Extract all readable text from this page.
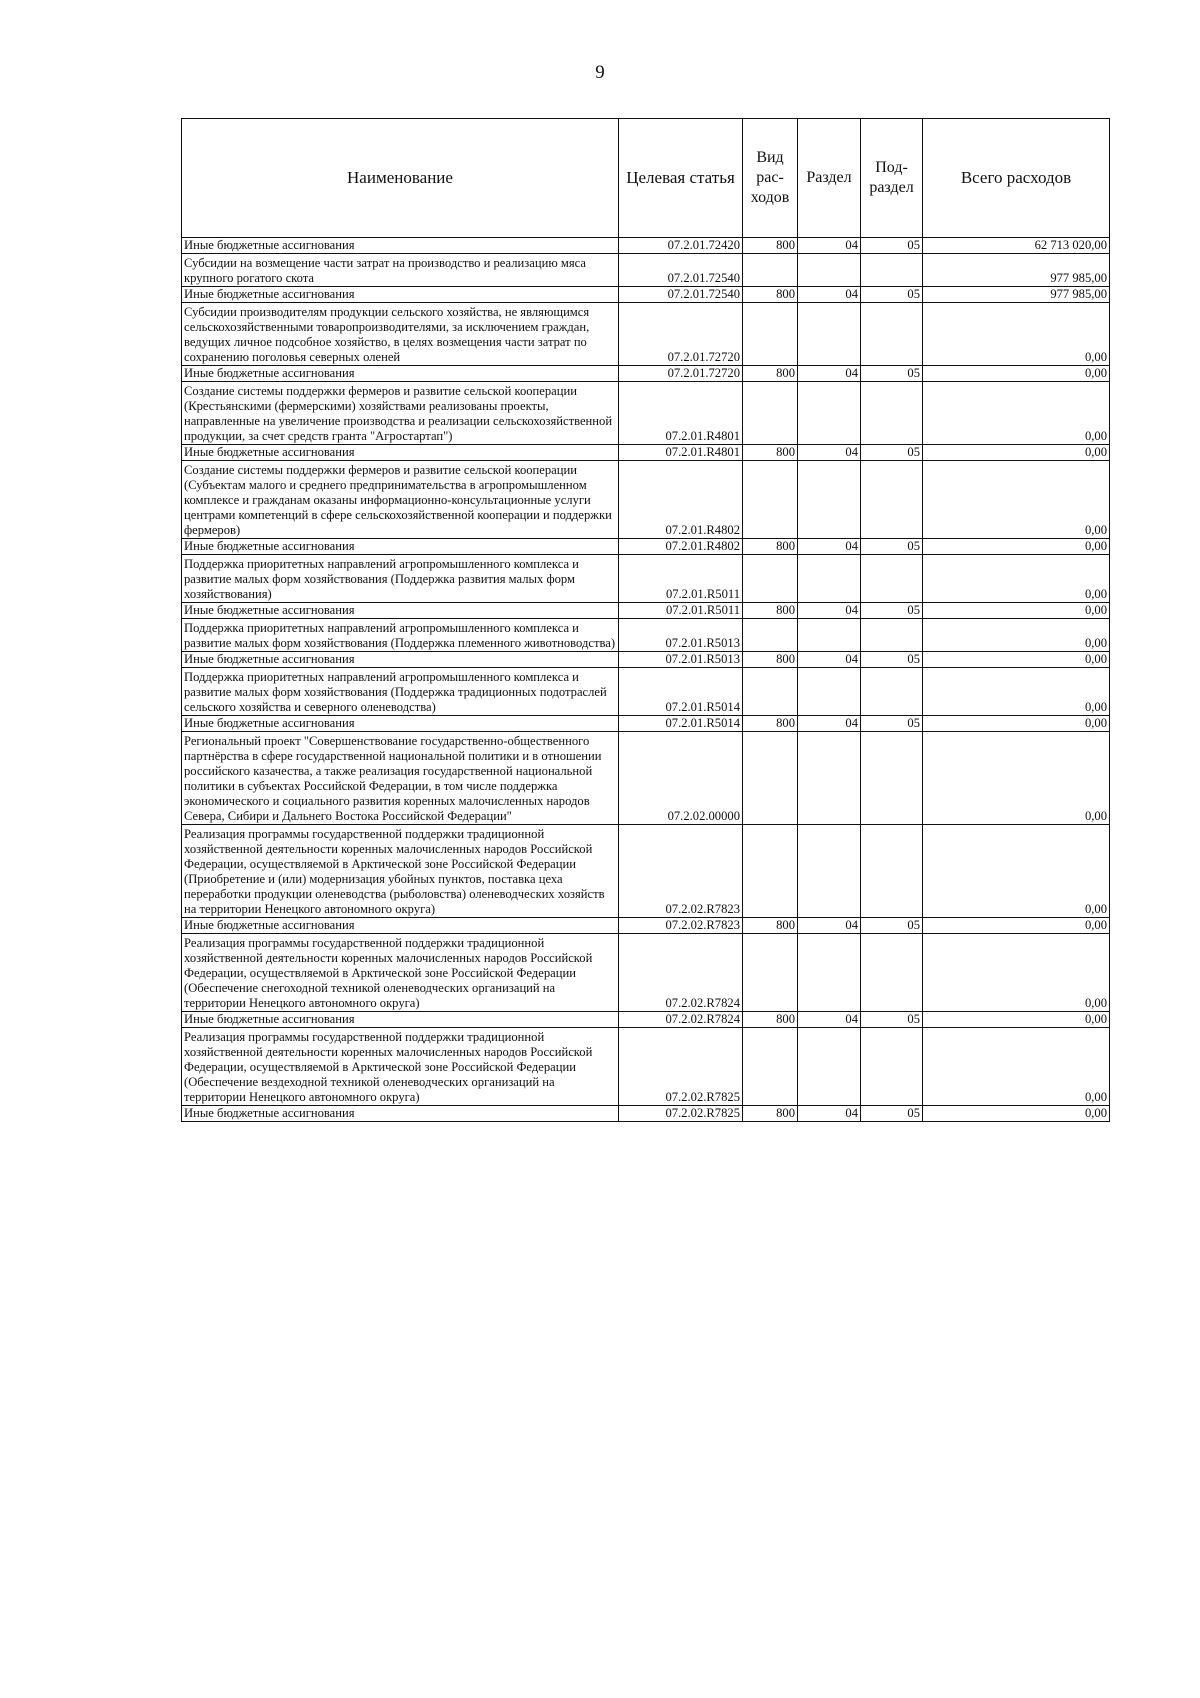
9
Наименование	Целевая статья	Вид рас- ходов	Раздел	Под- раздел	Всего расходов
Иные бюджетные ассигнования	07.2.01.72420	800	04	05	62 713 020,00
Субсидии на возмещение части затрат на производство и реализацию мяса крупного рогатого скота	07.2.01.72540				977 985,00
Иные бюджетные ассигнования	07.2.01.72540	800	04	05	977 985,00
Субсидии производителям продукции сельского хозяйства, не являющимся сельскохозяйственными товаропроизводителями, за исключением граждан, ведущих личное подсобное хозяйство, в целях возмещения части затрат по сохранению поголовья северных оленей	07.2.01.72720				0,00
Иные бюджетные ассигнования	07.2.01.72720	800	04	05	0,00
Создание системы поддержки фермеров и развитие сельской кооперации (Крестьянскими (фермерскими) хозяйствами реализованы проекты, направленные на увеличение производства и реализации сельскохозяйственной продукции, за счет средств гранта "Агростартап")	07.2.01.R4801				0,00
Иные бюджетные ассигнования	07.2.01.R4801	800	04	05	0,00
Создание системы поддержки фермеров и развитие сельской кооперации (Субъектам малого и среднего предпринимательства в агропромышленном комплексе и гражданам оказаны информационно-консультационные услуги центрами компетенций в сфере сельскохозяйственной кооперации и поддержки фермеров)	07.2.01.R4802				0,00
Иные бюджетные ассигнования	07.2.01.R4802	800	04	05	0,00
Поддержка приоритетных направлений агропромышленного комплекса и развитие малых форм хозяйствования (Поддержка развития малых форм хозяйствования)	07.2.01.R5011				0,00
Иные бюджетные ассигнования	07.2.01.R5011	800	04	05	0,00
Поддержка приоритетных направлений агропромышленного комплекса и развитие малых форм хозяйствования (Поддержка племенного животноводства)	07.2.01.R5013				0,00
Иные бюджетные ассигнования	07.2.01.R5013	800	04	05	0,00
Поддержка приоритетных направлений агропромышленного комплекса и развитие малых форм хозяйствования (Поддержка традиционных подотраслей сельского хозяйства и северного оленеводства)	07.2.01.R5014				0,00
Иные бюджетные ассигнования	07.2.01.R5014	800	04	05	0,00
Региональный проект "Совершенствование государственно-общественного партнёрства в сфере государственной национальной политики и в отношении российского казачества, а также реализация государственной национальной политики в субъектах Российской Федерации, в том числе поддержка экономического и социального развития коренных малочисленных народов Севера, Сибири и Дальнего Востока Российской Федерации"	07.2.02.00000				0,00
Реализация программы государственной поддержки традиционной хозяйственной деятельности коренных малочисленных народов Российской Федерации, осуществляемой в Арктической зоне Российской Федерации (Приобретение и (или) модернизация убойных пунктов, поставка цеха переработки продукции оленеводства (рыболовства) оленеводческих хозяйств на территории Ненецкого автономного округа)	07.2.02.R7823				0,00
Иные бюджетные ассигнования	07.2.02.R7823	800	04	05	0,00
Реализация программы государственной поддержки традиционной хозяйственной деятельности коренных малочисленных народов Российской Федерации, осуществляемой в Арктической зоне Российской Федерации (Обеспечение снегоходной техникой оленеводческих организаций на территории Ненецкого автономного округа)	07.2.02.R7824				0,00
Иные бюджетные ассигнования	07.2.02.R7824	800	04	05	0,00
Реализация программы государственной поддержки традиционной хозяйственной деятельности коренных малочисленных народов Российской Федерации, осуществляемой в Арктической зоне Российской Федерации (Обеспечение вездеходной техникой оленеводческих организаций на территории Ненецкого автономного округа)	07.2.02.R7825				0,00
Иные бюджетные ассигнования	07.2.02.R7825	800	04	05	0,00
